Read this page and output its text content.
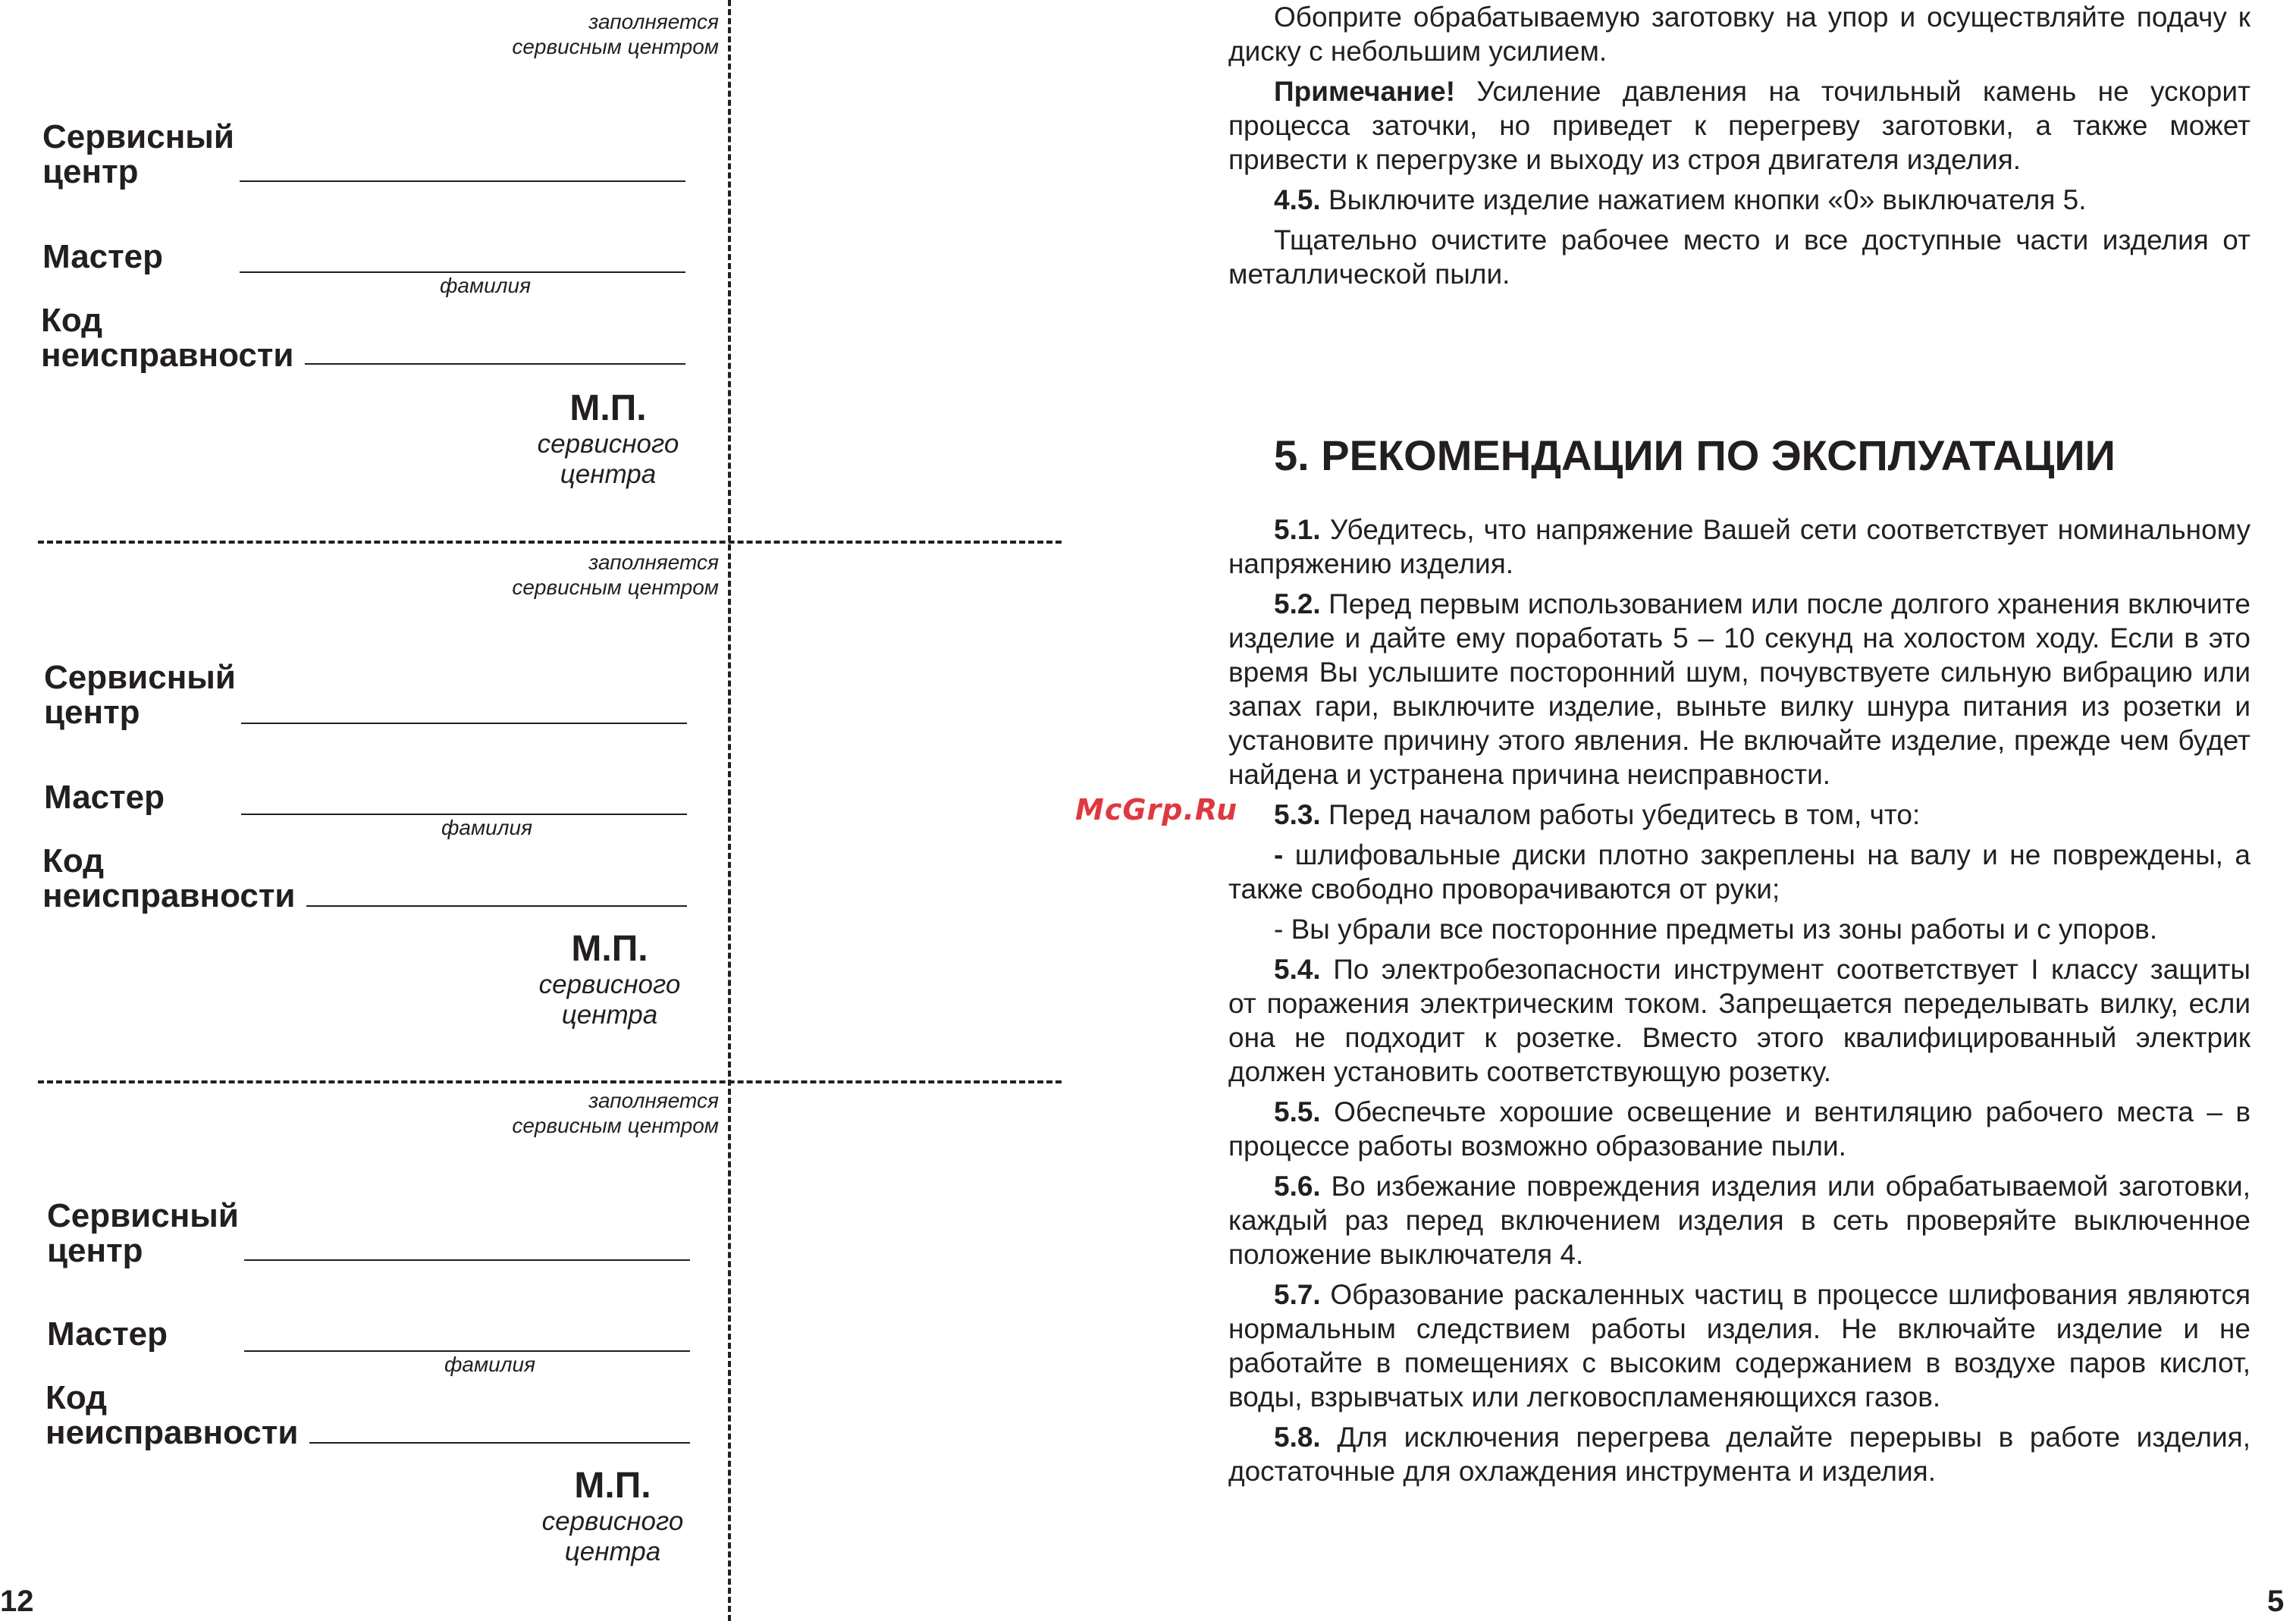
заполняется
сервисным центром
Сервисный
центр
Мастер
фамилия
Код
неисправности
М.П.
сервисного
центра
заполняется
сервисным центром
Сервисный
центр
Мастер
фамилия
Код
неисправности
М.П.
сервисного
центра
заполняется
сервисным центром
Сервисный
центр
Мастер
фамилия
Код
неисправности
М.П.
сервисного
центра
12

Обоприте обрабатываемую заготовку на упор и осуществляйте подачу к диску с небольшим усилием.

Примечание! Усиление давления на точильный камень не ускорит процесса заточки, но приведет к перегреву заготовки, а также может привести к перегрузке и выходу из строя двигателя изделия.

4.5. Выключите изделие нажатием кнопки «0» выключателя 5.

Тщательно очистите рабочее место и все доступные части изделия от металлической пыли.

5. РЕКОМЕНДАЦИИ ПО ЭКСПЛУАТАЦИИ

5.1. Убедитесь, что напряжение Вашей сети соответствует номинальному напряжению изделия.

5.2. Перед первым использованием или после долгого хранения включите изделие и дайте ему поработать 5 – 10 секунд на холостом ходу. Если в это время Вы услышите посторонний шум, почувствуете сильную вибрацию или запах гари, выключите изделие, выньте вилку шнура питания из розетки и установите причину этого явления. Не включайте изделие, прежде чем будет найдена и устранена причина неисправности.

5.3. Перед началом работы убедитесь в том, что:

- шлифовальные диски плотно закреплены на валу и не повреждены, а также свободно проворачиваются от руки;

- Вы убрали все посторонние предметы из зоны работы и с упоров.

5.4. По электробезопасности инструмент соответствует I классу защиты от поражения электрическим током. Запрещается переделывать вилку, если она не подходит к розетке. Вместо этого квалифицированный электрик должен установить соответствующую розетку.

5.5. Обеспечьте хорошие освещение и вентиляцию рабочего места – в процессе работы возможно образование пыли.

5.6. Во избежание повреждения изделия или обрабатываемой заготовки, каждый раз перед включением изделия в сеть проверяйте выключенное положение выключателя 4.

5.7. Образование раскаленных частиц в процессе шлифования являются нормальным следствием работы изделия. Не включайте изделие и не работайте в помещениях с высоким содержанием в воздухе паров кислот, воды, взрывчатых или легковоспламеняющихся газов.

5.8. Для исключения перегрева делайте перерывы в работе изделия, достаточные для охлаждения инструмента и изделия.

McGrp.Ru
5
